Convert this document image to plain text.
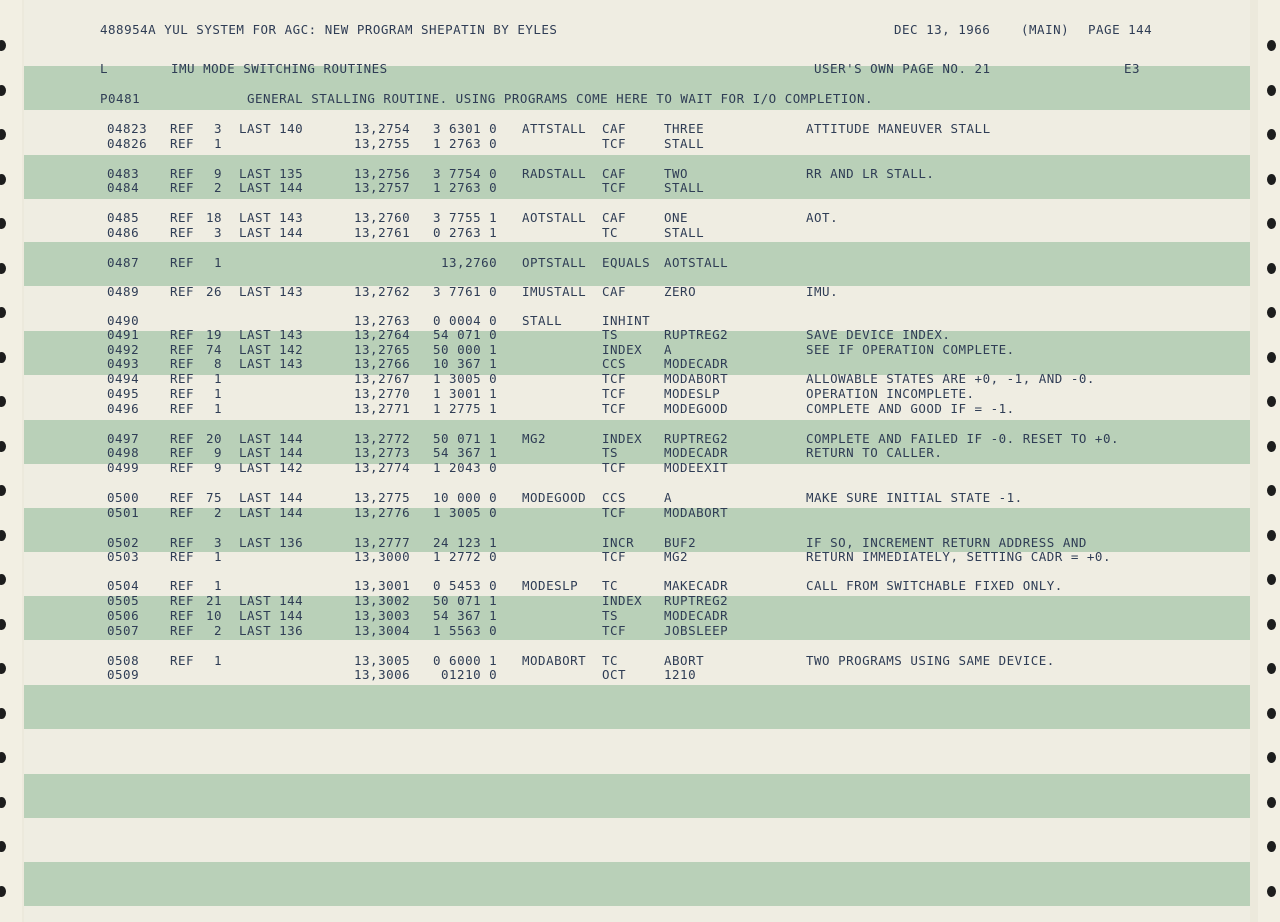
488954A YUL SYSTEM FOR AGC: NEW PROGRAM SHEPATIN BY EYLES

	DEC 13, 1966

(MAIN)

PAGE 144

L

	IMU MODE SWITCHING ROUTINES

	USER'S OWN PAGE NO. 21

	E3

P0481

	GENERAL STALLING ROUTINE. USING PROGRAMS COME HERE TO WAIT FOR I/O COMPLETION.

04823 REF 3 LAST 140	13,2754 3 6301 0 ATTSTALL CAF	THREE	ATTITUDE MANEUVER STALL
04826 REF 1	13,2755 1 2763 0	TCF	STALL
0483 REF 9 LAST 135	13,2756 3 7754 0 RADSTALL CAF	TWO	RR AND LR STALL.
0484 REF 2 LAST 144	13,2757 1 2763 0	TCF	STALL
0485 REF 18 LAST 143	13,2760 3 7755 1 AOTSTALL CAF	ONE	AOT.
0486 REF 3 LAST 144	13,2761 0 2763 1	TC	STALL
0487 REF 1	13,2760 OPTSTALL EQUALS AOTSTALL
0489 REF 26 LAST 143	13,2762 3 7761 0 IMUSTALL CAF	ZERO	IMU.
0490	13,2763 0 0004 0 STALL	INHINT
0491 REF 19 LAST 143	13,2764 54 071 0	TS	RUPTREG2	SAVE DEVICE INDEX.
0492 REF 74 LAST 142	13,2765 50 000 1	INDEX A	SEE IF OPERATION COMPLETE.
0493 REF 8 LAST 143	13,2766 10 367 1	CCS	MODECADR
0494 REF 1	13,2767 1 3005 0	TCF	MODABORT	ALLOWABLE STATES ARE +0, -1, AND -0.
0495 REF 1	13,2770 1 3001 1	TCF	MODESLP	OPERATION INCOMPLETE.
0496 REF 1	13,2771 1 2775 1	TCF	MODEGOOD	COMPLETE AND GOOD IF = -1.
0497 REF 20 LAST 144	13,2772 50 071 1 MG2	INDEX RUPTREG2	COMPLETE AND FAILED IF -0. RESET TO +0.
0498 REF 9 LAST 144	13,2773 54 367 1	TS	MODECADR	RETURN TO CALLER.
0499 REF 9 LAST 142	13,2774 1 2043 0	TCF	MODEEXIT
0500 REF 75 LAST 144	13,2775 10 000 0 MODEGOOD CCS	A	MAKE SURE INITIAL STATE -1.
0501 REF 2 LAST 144	13,2776 1 3005 0	TCF	MODABORT
0502 REF 3 LAST 136	13,2777 24 123 1	INCR BUF2	IF SO, INCREMENT RETURN ADDRESS AND
0503 REF 1	13,3000 1 2772 0	TCF	MG2	RETURN IMMEDIATELY, SETTING CADR = +0.
0504 REF 1	13,3001 0 5453 0 MODESLP TC	MAKECADR	CALL FROM SWITCHABLE FIXED ONLY.
0505 REF 21 LAST 144	13,3002 50 071 1	INDEX RUPTREG2
0506 REF 10 LAST 144	13,3003 54 367 1	TS	MODECADR
0507 REF 2 LAST 136	13,3004 1 5563 0	TCF	JOBSLEEP
0508 REF 1	13,3005 0 6000 1 MODABORT TC	ABORT	TWO PROGRAMS USING SAME DEVICE.
0509	13,3006 01210 0	OCT	1210
